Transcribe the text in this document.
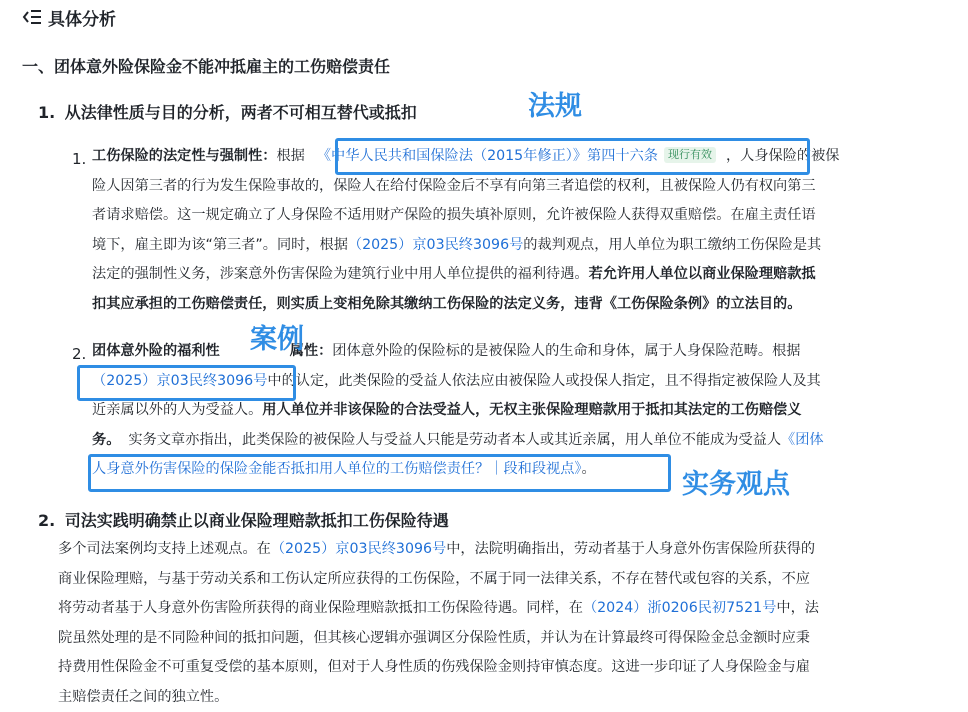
具体分析
一、团体意外险保险金不能冲抵雇主的工伤赔偿责任
1. 从法律性质与目的分析，两者不可相互替代或抵扣
1. 工伤保险的法定性与强制性：根据 《中华人民共和国保险法（2015年修正）》第四十六条 现行有效 ，人身保险的被保
险人因第三者的行为发生保险事故的，保险人在给付保险金后不享有向第三者追偿的权利，且被保险人仍有权向第三
者请求赔偿。这一规定确立了人身保险不适用财产保险的损失填补原则，允许被保险人获得双重赔偿。在雇主责任语
境下，雇主即为该“第三者”。同时，根据（2025）京03民终3096号的裁判观点，用人单位为职工缴纳工伤保险是其
法定的强制性义务，涉案意外伤害保险为建筑行业中用人单位提供的福利待遇。若允许用人单位以商业保险理赔款抵
扣其应承担的工伤赔偿责任，则实质上变相免除其缴纳工伤保险的法定义务，违背《工伤保险条例》的立法目的。
2. 团体意外险的福利性	属性：团体意外险的保险标的是被保险人的生命和身体，属于人身保险范畴。根据
（2025）京03民终3096号中的认定，此类保险的受益人依法应由被保险人或投保人指定，且不得指定被保险人及其
近亲属以外的人为受益人。用人单位并非该保险的合法受益人，无权主张保险理赔款用于抵扣其法定的工伤赔偿义
务。 实务文章亦指出，此类保险的被保险人与受益人只能是劳动者本人或其近亲属，用人单位不能成为受益人《团体
人身意外伤害保险的保险金能否抵扣用人单位的工伤赔偿责任？｜段和段视点》。
2. 司法实践明确禁止以商业保险理赔款抵扣工伤保险待遇
多个司法案例均支持上述观点。在（2025）京03民终3096号中，法院明确指出，劳动者基于人身意外伤害保险所获得的
商业保险理赔，与基于劳动关系和工伤认定所应获得的工伤保险，不属于同一法律关系，不存在替代或包容的关系，不应
将劳动者基于人身意外伤害险所获得的商业保险理赔款抵扣工伤保险待遇。同样，在（2024）浙0206民初7521号中，法
院虽然处理的是不同险种间的抵扣问题，但其核心逻辑亦强调区分保险性质，并认为在计算最终可得保险金总金额时应秉
持费用性保险金不可重复受偿的基本原则，但对于人身性质的伤残保险金则持审慎态度。这进一步印证了人身保险金与雇
主赔偿责任之间的独立性。
法规
案例
实务观点
